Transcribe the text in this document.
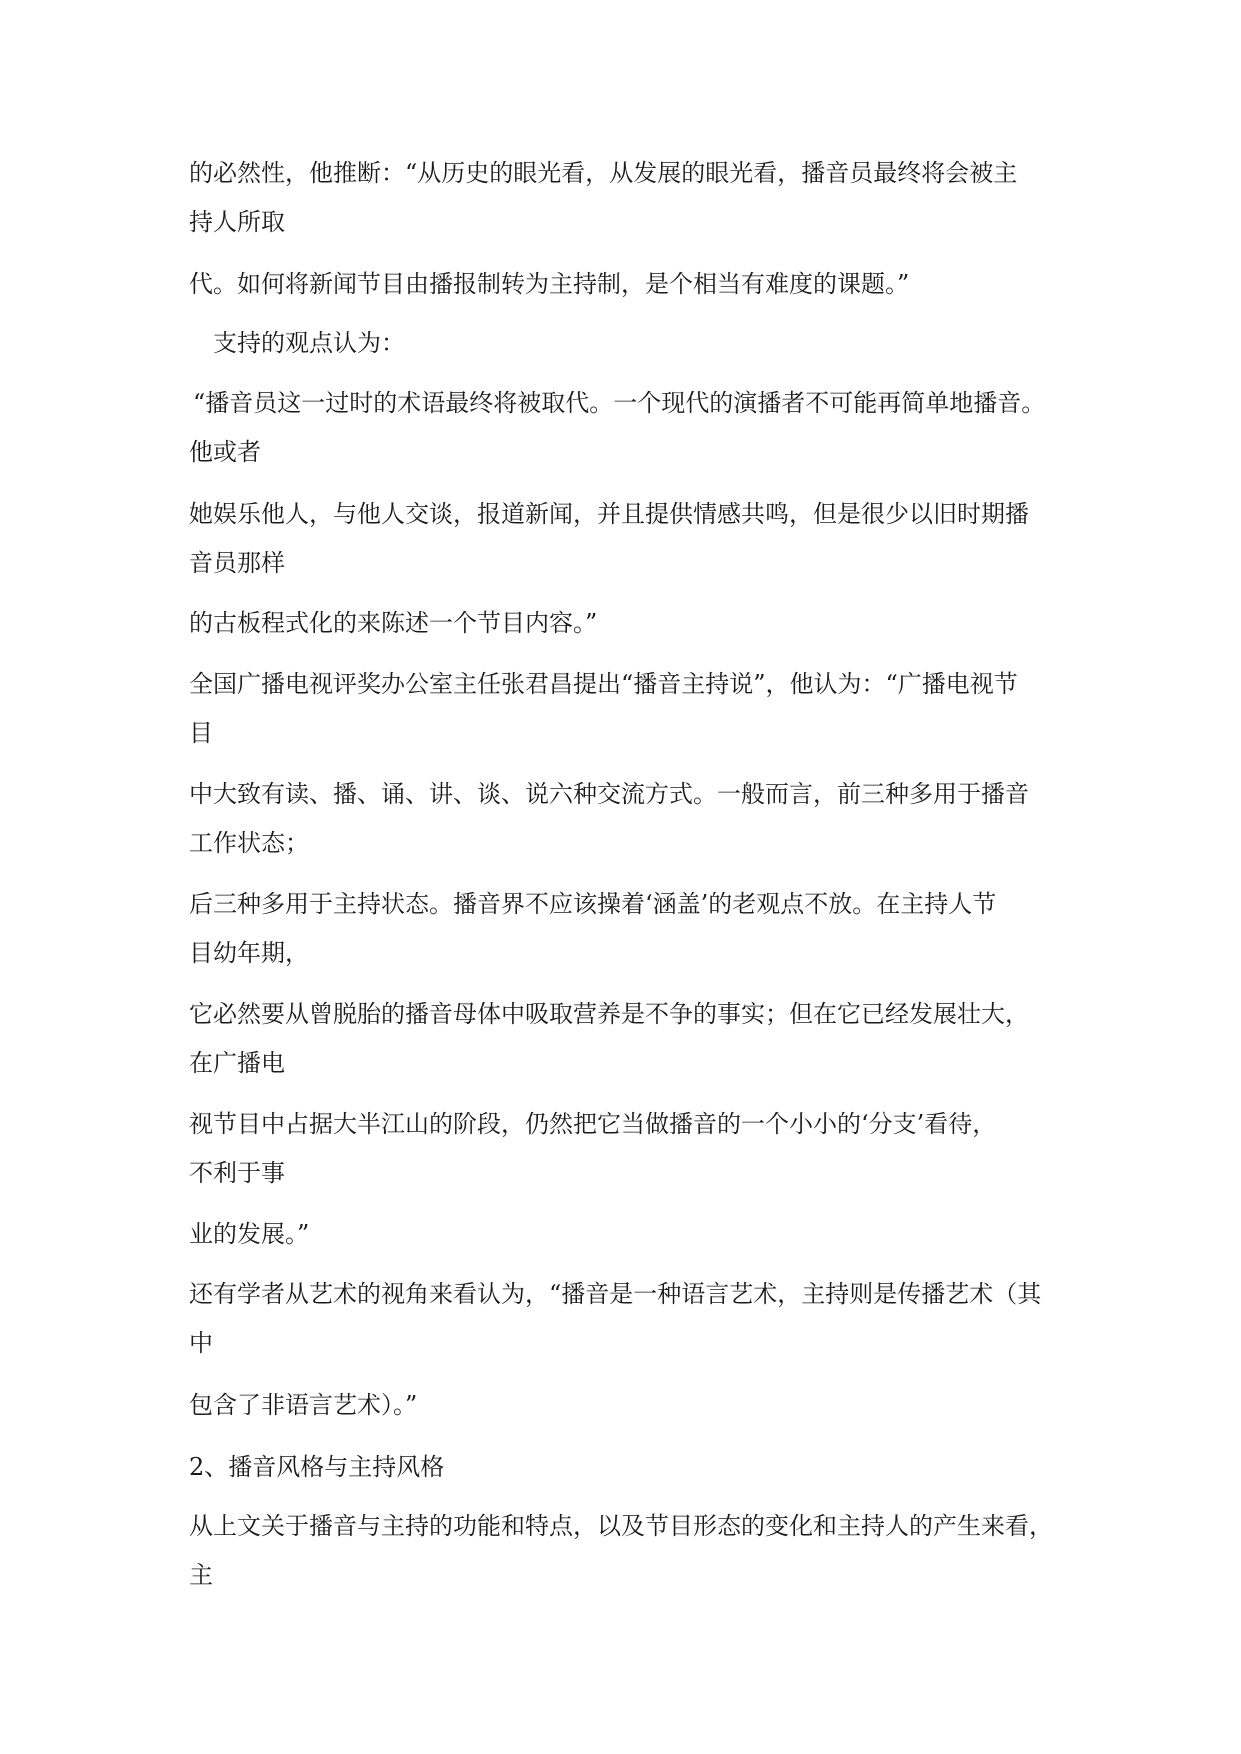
的必然性，他推断：“从历史的眼光看，从发展的眼光看，播音员最终将会被主

持人所取

代。如何将新闻节目由播报制转为主持制，是个相当有难度的课题。”

支持的观点认为：

“播音员这一过时的术语最终将被取代。一个现代的演播者不可能再简单地播音。

他或者

她娱乐他人，与他人交谈，报道新闻，并且提供情感共鸣，但是很少以旧时期播

音员那样

的古板程式化的来陈述一个节目内容。”

全国广播电视评奖办公室主任张君昌提出“播音主持说”，他认为：“广播电视节

目

中大致有读、播、诵、讲、谈、说六种交流方式。一般而言，前三种多用于播音

工作状态；

后三种多用于主持状态。播音界不应该操着‘涵盖’的老观点不放。在主持人节

目幼年期，

它必然要从曾脱胎的播音母体中吸取营养是不争的事实；但在它已经发展壮大，

在广播电

视节目中占据大半江山的阶段，仍然把它当做播音的一个小小的‘分支’看待，

不利于事

业的发展。”

还有学者从艺术的视角来看认为，“播音是一种语言艺术，主持则是传播艺术（其

中

包含了非语言艺术）。”

2、播音风格与主持风格

从上文关于播音与主持的功能和特点，以及节目形态的变化和主持人的产生来看，

主
